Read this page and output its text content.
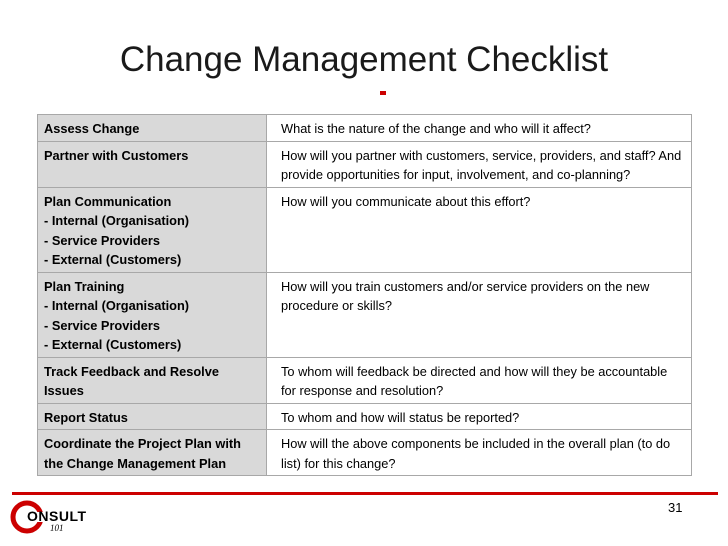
Change Management Checklist
Assess Change	What is the nature of the change and who will it affect?

Partner with Customers	How will you partner with customers, service, providers, and staff? And provide opportunities for input, involvement, and co-planning?

Plan Communication
- Internal (Organisation)
- Service Providers
- External (Customers)	How will you communicate about this effort?

Plan Training
- Internal (Organisation)
- Service Providers
- External (Customers)	How will you train customers and/or service providers on the new procedure or skills?

Track Feedback and Resolve Issues	To whom will feedback be directed and how will they be accountable for response and resolution?

Report Status	To whom and how will status be reported?

Coordinate the Project Plan with the Change Management Plan	How will the above components be included in the overall plan (to do list) for this change?
31
ONSULT
101
